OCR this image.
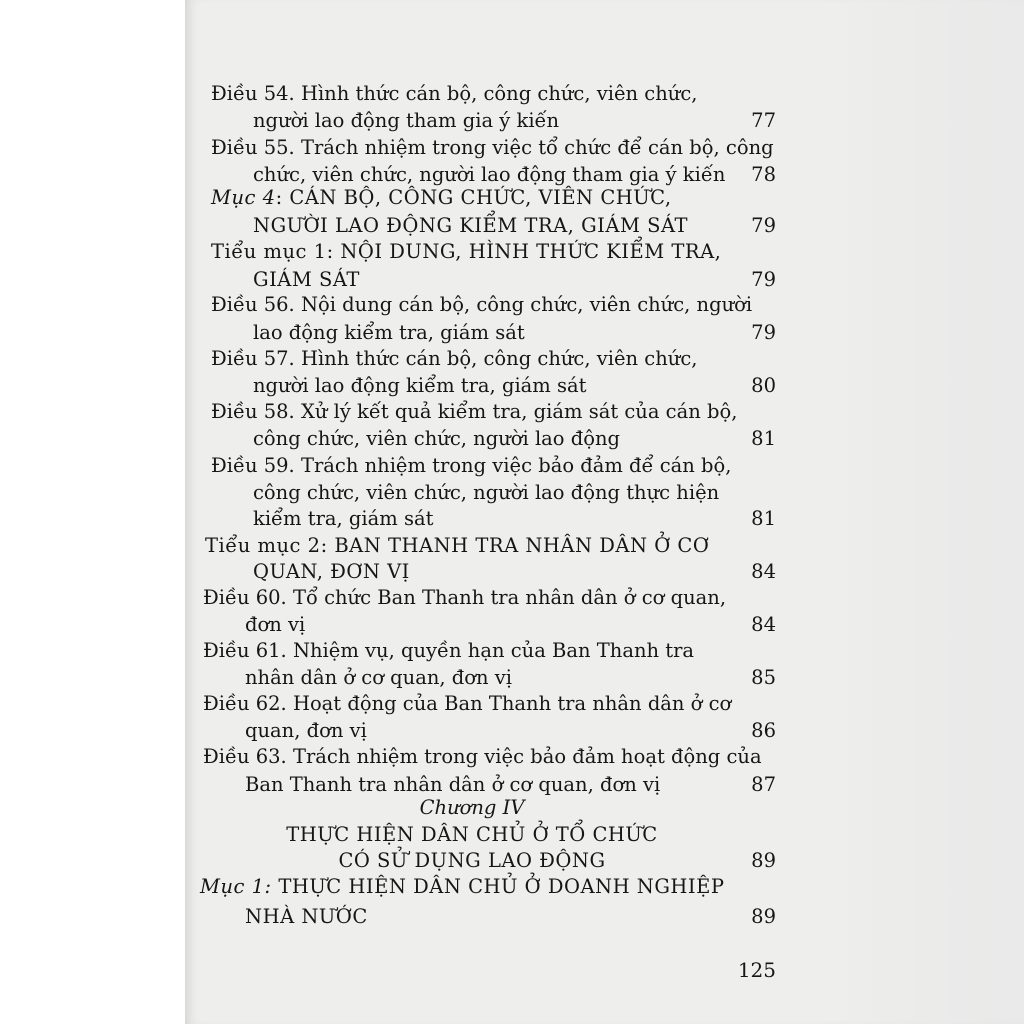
Điều 54. Hình thức cán bộ, công chức, viên chức,
người lao động tham gia ý kiến	77
Điều 55. Trách nhiệm trong việc tổ chức để cán bộ, công
chức, viên chức, người lao động tham gia ý kiến 78
Mục 4: CÁN BỘ, CÔNG CHỨC, VIÊN CHỨC,
NGƯỜI LAO ĐỘNG KIỂM TRA, GIÁM SÁT	79
Tiểu mục 1: NỘI DUNG, HÌNH THỨC KIỂM TRA,
GIÁM SÁT	79
Điều 56. Nội dung cán bộ, công chức, viên chức, người
lao động kiểm tra, giám sát	79
Điều 57. Hình thức cán bộ, công chức, viên chức,
người lao động kiểm tra, giám sát	80
Điều 58. Xử lý kết quả kiểm tra, giám sát của cán bộ,
công chức, viên chức, người lao động	81
Điều 59. Trách nhiệm trong việc bảo đảm để cán bộ,
công chức, viên chức, người lao động thực hiện
kiểm tra, giám sát	81
Tiểu mục 2: BAN THANH TRA NHÂN DÂN Ở CƠ
QUAN, ĐƠN VỊ	84
Điều 60. Tổ chức Ban Thanh tra nhân dân ở cơ quan,
đơn vị	84
Điều 61. Nhiệm vụ, quyền hạn của Ban Thanh tra
nhân dân ở cơ quan, đơn vị	85
Điều 62. Hoạt động của Ban Thanh tra nhân dân ở cơ
quan, đơn vị	86
Điều 63. Trách nhiệm trong việc bảo đảm hoạt động của
Ban Thanh tra nhân dân ở cơ quan, đơn vị	87
Chương IV
THỰC HIỆN DÂN CHỦ Ở TỔ CHỨC
CÓ SỬ DỤNG LAO ĐỘNG	89
Mục 1: THỰC HIỆN DÂN CHỦ Ở DOANH NGHIỆP
NHÀ NƯỚC	89
125
